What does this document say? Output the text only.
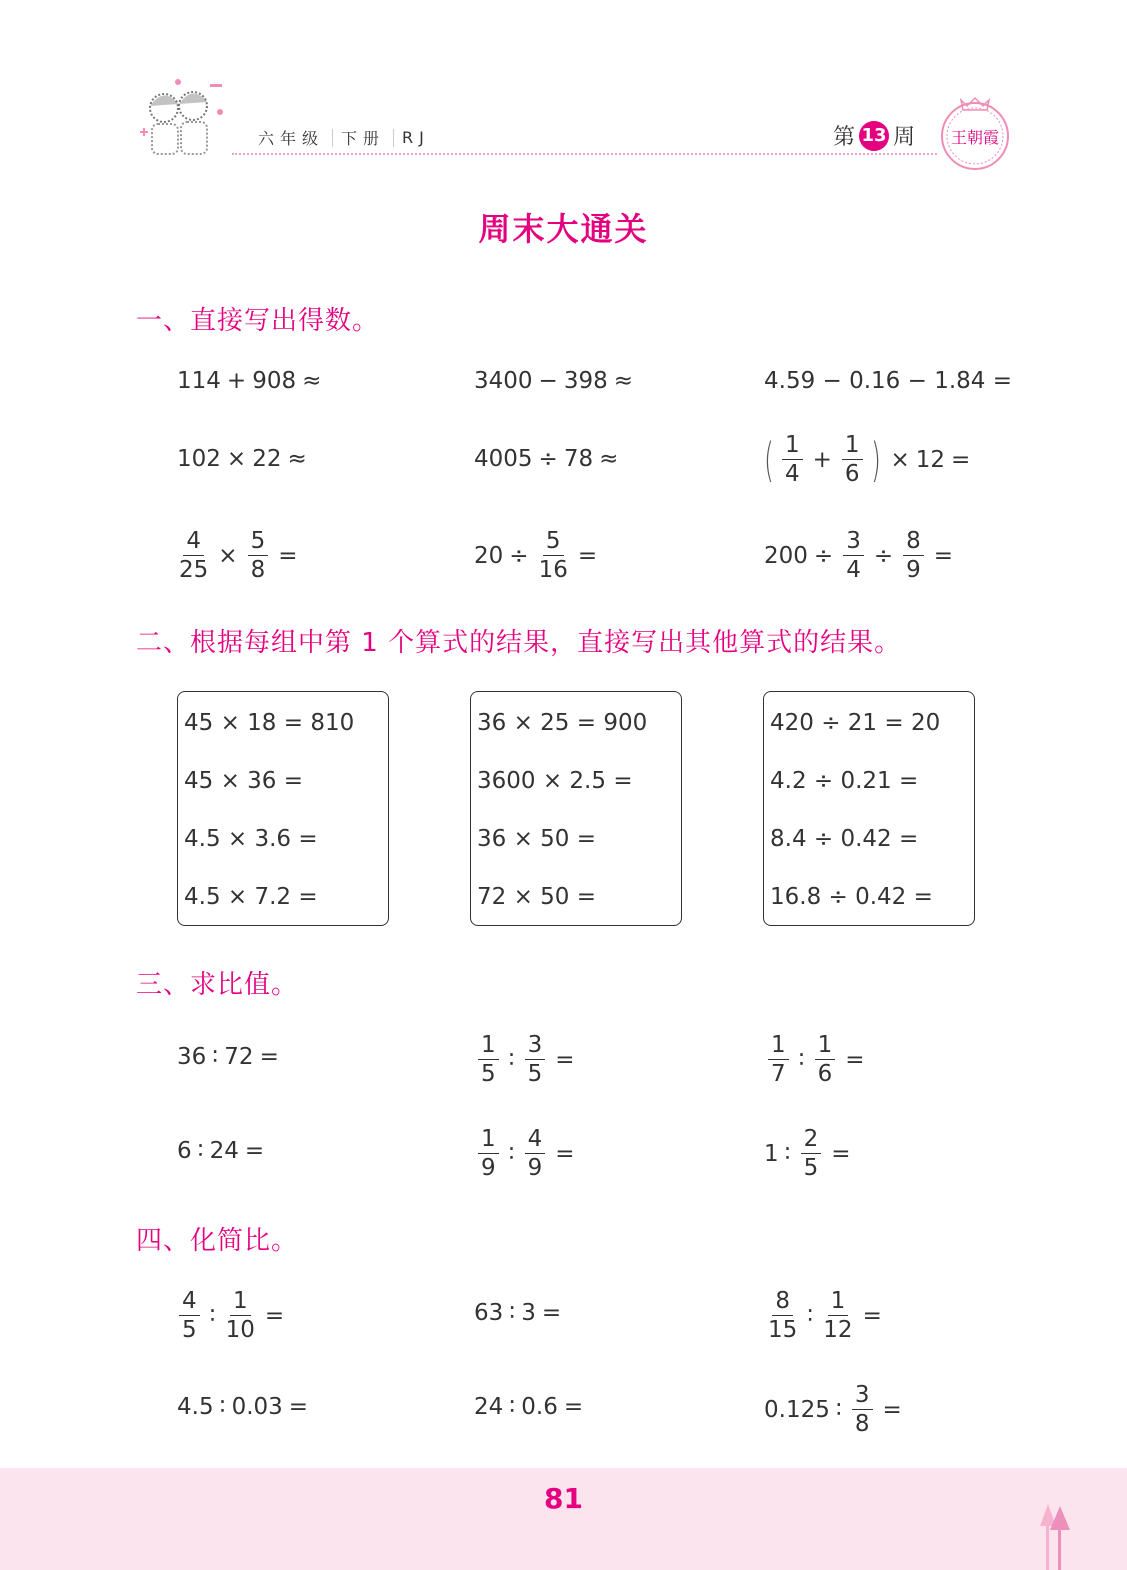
六年级 下册 RJ	第 13 周 王朝霞
周末大通关
一、直接写出得数。
114 + 908 ≈	3400 − 398 ≈	4.59 − 0.16 − 1.84 =
102 × 22 ≈	4005 ÷ 78 ≈	( $\frac{1}{4} + \frac{1}{6}$ ) × 12 =
$\frac{4}{25} \times \frac{5}{8}$ =	$20 \div \frac{5}{16}$ =	$200 \div \frac{3}{4} \div \frac{8}{9}$ =
二、根据每组中第 1 个算式的结果，直接写出其他算式的结果。
45 × 18 = 810
45 × 36 =
4.5 × 3.6 =
4.5 × 7.2 =
36 × 25 = 900
3600 × 2.5 =
36 × 50 =
72 × 50 =
420 ÷ 21 = 20
4.2 ÷ 0.21 =
8.4 ÷ 0.42 =
16.8 ÷ 0.42 =
三、求比值。
36 ∶ 72 =	$\frac{1}{5}$ ∶ $\frac{3}{5}$ =	$\frac{1}{7}$ ∶ $\frac{1}{6}$ =
6 ∶ 24 =	$\frac{1}{9}$ ∶ $\frac{4}{9}$ =	1 ∶ $\frac{2}{5}$ =
四、化简比。
$\frac{4}{5}$ ∶ $\frac{1}{10}$ =	63 ∶ 3 =	$\frac{8}{15}$ ∶ $\frac{1}{12}$ =
4.5 ∶ 0.03 =	24 ∶ 0.6 =	0.125 ∶ $\frac{3}{8}$ =
81
